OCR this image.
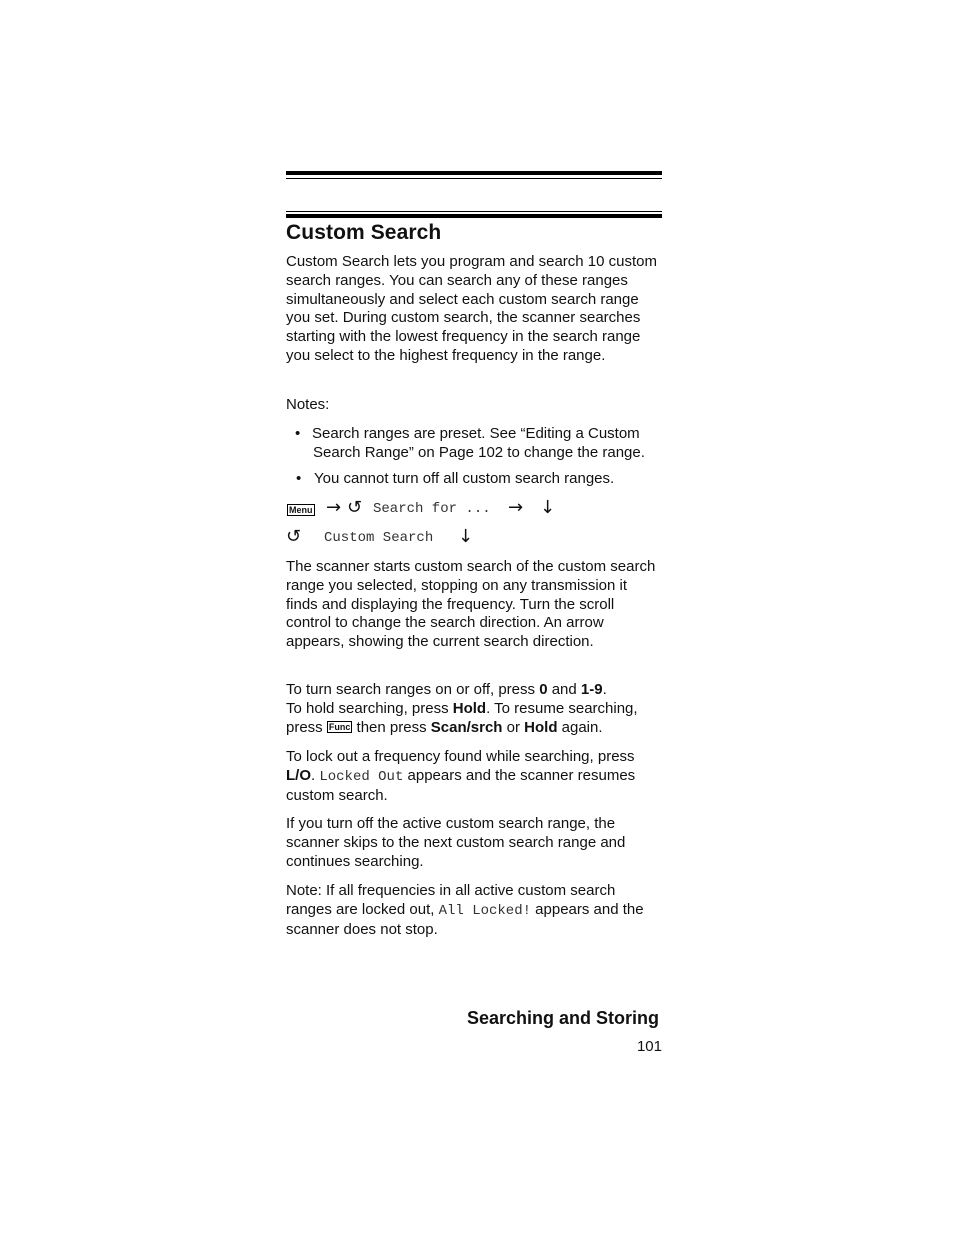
Custom Search

Custom Search lets you program and search 10 custom search ranges. You can search any of these ranges simultaneously and select each custom search range you set. During custom search, the scanner searches starting with the lowest frequency in the search range you select to the highest frequency in the range.

Notes:
• Search ranges are preset. See “Editing a Custom Search Range” on Page 102 to change the range.
• You cannot turn off all custom search ranges.
Menu → ↺ Search for ... → ↓
↺ Custom Search ↓

The scanner starts custom search of the custom search range you selected, stopping on any transmission it finds and displaying the frequency. Turn the scroll control to change the search direction. An arrow appears, showing the current search direction.

To turn search ranges on or off, press 0 and 1-9.
To hold searching, press Hold. To resume searching, press Func then press Scan/srch or Hold again.

To lock out a frequency found while searching, press L/O. Locked Out appears and the scanner resumes custom search.

If you turn off the active custom search range, the scanner skips to the next custom search range and continues searching.

Note: If all frequencies in all active custom search ranges are locked out, All Locked! appears and the scanner does not stop.

Searching and Storing
101
